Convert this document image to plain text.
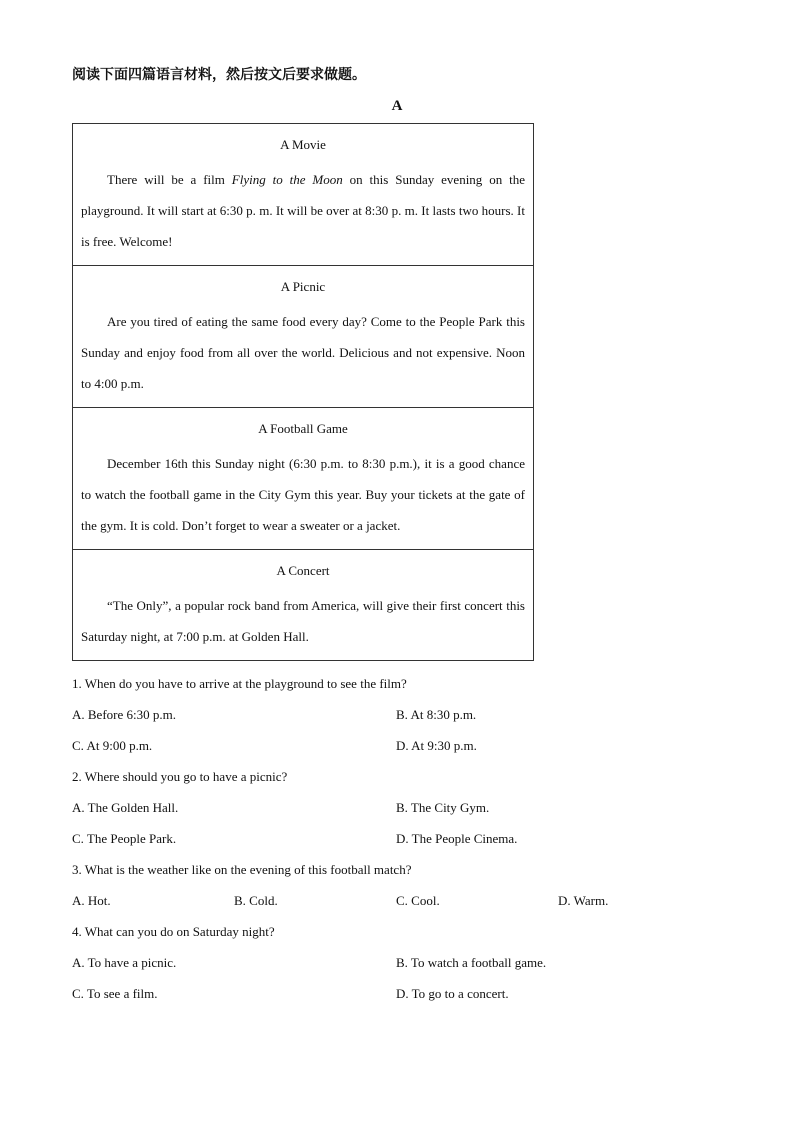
阅读下面四篇语言材料，然后按文后要求做题。
A
A Movie
There will be a film Flying to the Moon on this Sunday evening on the playground. It will start at 6:30 p. m. It will be over at 8:30 p. m. It lasts two hours. It is free. Welcome!
A Picnic
Are you tired of eating the same food every day? Come to the People Park this Sunday and enjoy food from all over the world. Delicious and not expensive. Noon to 4:00 p.m.
A Football Game
December 16th this Sunday night (6:30 p.m. to 8:30 p.m.), it is a good chance to watch the football game in the City Gym this year. Buy your tickets at the gate of the gym. It is cold. Don’t forget to wear a sweater or a jacket.
A Concert
“The Only”, a popular rock band from America, will give their first concert this Saturday night, at 7:00 p.m. at Golden Hall.
1. When do you have to arrive at the playground to see the film?
A. Before 6:30 p.m.	B. At 8:30 p.m.
C. At 9:00 p.m.	D. At 9:30 p.m.
2. Where should you go to have a picnic?
A. The Golden Hall.	B. The City Gym.
C. The People Park.	D. The People Cinema.
3. What is the weather like on the evening of this football match?
A. Hot.	B. Cold.	C. Cool.	D. Warm.
4. What can you do on Saturday night?
A. To have a picnic.	B. To watch a football game.
C. To see a film.	D. To go to a concert.
